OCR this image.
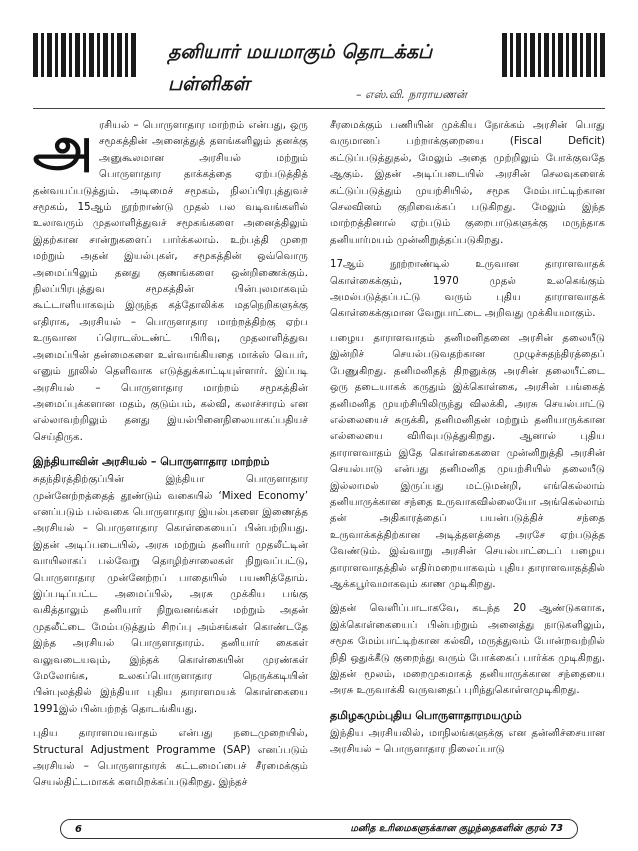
தனியார் மயமாகும் தொடக்கப்
பள்ளிகள்	– எஸ்.வி. நாராயணன்

அரசியல் – பொருளாதார மாற்றம் என்பது, ஒரு சமூகத்தின் அனைத்துத் தளங்களிலும் தனக்கு அனுகூலமான அரசியல் மற்றும் பொருளாதார தாக்கத்தை ஏற்படுத்தித் தன்வயப்படுத்தும். அடிமைச் சமூகம், நிலப்பிரபுத்துவச் சமூகம், 15ஆம் நூற்றாண்டு முதல் பல வடிவங்களில் உலாவரும் முதலாளித்துவச் சமூகங்களை அனைத்திலும் இதற்கான சான்றுகளைப் பார்க்கலாம். உற்பத்தி முறை மற்றும் அதன் இயல்புகள், சமூகத்தின் ஒவ்வொரு அமைப்பிலும் தனது குணங்களை ஒன்றிணைக்கும். நிலப்பிரபுத்துவ சமூகத்தின் பின்புலமாகவும் கூட்டாளியாகவும் இருந்த கத்தோலிக்க மதநெறிகளுக்கு எதிராக, அரசியல் – பொருளாதார மாற்றத்திற்கு ஏற்ப உருவான ப்ரொடஸ்டண்ட் பிரிவு, முதலாளித்துவ அமைப்பின் தன்மைகளை உள்வாங்கியதை மாக்ஸ் வெபர், எனும் நூலில் தெளிவாக எடுத்துக்காட்டியுள்ளார். இப்படி அரசியல் – பொருளாதார மாற்றம் சமூகத்தின் அமைப்புக்களான மதம், குடும்பம், கல்வி, கலாச்சாரம் என எல்லாவற்றிலும் தனது இயல்பினைநிலையாகப்பதியச் செய்திருக.

இந்தியாவின் அரசியல் – பொருளாதார மாற்றம்

சுதந்திரத்திற்குப்பின் இந்தியா பொருளாதார முன்னேற்றத்தைத் தூண்டும் வகையில் ‘Mixed Economy’ எனப்படும் பல்வகை பொருளாதார இயல்புகளை இணைத்த அரசியல் – பொருளாதார கொள்கையைப் பின்பற்றியது. இதன் அடிப்படையில், அரசு மற்றும் தனியார் முதலீட்டின் வாயிலாகப் பல்வேறு தொழிற்சாலைகள் நிறுவப்பட்டு, பொருளாதார முன்னேற்றப் பாதையில் பயணித்தோம். இப்படிப்பட்ட அமைப்பில், அரசு முக்கிய பங்கு வகித்தாலும் தனியார் நிறுவனங்கள் மற்றும் அதன் முதலீட்டை மேம்படுத்தும் சிறப்பு அம்சங்கள் கொண்டதே இந்த அரசியல் பொருளாதாரம். தனியார் கைகள் வலுவடையவும், இந்தக் கொள்கையின் முரண்கள் மேலோங்க, உலகப்பொருளாதார நெருக்கடியின் பின்புலத்தில் இந்தியா புதிய தாராளமயக் கொள்கையை 1991இல் பின்பற்றத் தொடங்கியது.

புதிய தாராளமயவாதம் என்பது நடைமுறையில், Structural Adjustment Programme (SAP) எனப்படும் அரசியல் – பொருளாதாரக் கட்டமைப்பைச் சீரமைக்கும் செயல்திட்டமாகக் களமிறக்கப்படுகிறது. இந்தச்

சீரமைக்கும் பணியின் முக்கிய நோக்கம் அரசின் பொது வருமானப் பற்றாக்குறையை (Fiscal Deficit) கட்டுப்படுத்துதல், மேலும் அதை முற்றிலும் போக்குவதே ஆகும். இதன் அடிப்படையில் அரசின் செலவுகளைக் கட்டுப்படுத்தும் முயற்சியில், சமூக மேம்பாட்டிற்கான செலவினம் குறிவைக்கப் படுகிறது. மேலும் இந்த மாற்றத்தினால் ஏற்படும் குறைபாடுகளுக்கு மருந்தாக தனியார்மயம் முன்னிறுத்தப்படுகிறது.

17ஆம் நூற்றாண்டில் உருவான தாராளவாதக் கொள்கைக்கும், 1970 முதல் உலகெங்கும் அமல்படுத்தப்பட்டு வரும் புதிய தாராளவாதக் கொள்கைக்குமான வேறுபாட்டை அறிவது முக்கியமாகும்.

பழைய தாராளவாதம் தனிமனிதனை அரசின் தலையீடு இன்றிச் செயல்படுவதற்கான முழுச்சுதந்திரத்தைப் பேணுகிறது. தனிமனிதத் திறனுக்கு அரசின் தலையீட்டை ஒரு தடையாகக் கருதும் இக்கொள்கை, அரசின் பங்கைத் தனிமனித முயற்சியிலிருந்து விலக்கி, அரசு செயல்பாட்டு எல்லையைச் சுருக்கி, தனிமனிதன் மற்றும் தனியாருக்கான எல்லையை விரிவுபடுத்துகிறது. ஆனால் புதிய தாராளவாதம் இதே கொள்கைகளை முன்னிறுத்தி அரசின் செயல்பாடு என்பது தனிமனித முயற்சியில் தலையீடு இல்லாமல் இருப்பது மட்டுமன்றி, எங்கெல்லாம் தனியாருக்கான சந்தை உருவாகவில்லையோ அங்கெல்லாம் தன் அதிகாரத்தைப் பயன்படுத்திச் சந்தை உருவாக்கத்திற்கான அடித்தளத்தை அரசே ஏற்படுத்த வேண்டும். இவ்வாறு அரசின் செயல்பாட்டைப் பழைய தாராளவாதத்தில் எதிர்மறையாகவும் புதிய தாராளவாதத்தில் ஆக்கபூர்வமாகவும் காண முடிகிறது.

இதன் வெளிப்பாடாகவே, கடந்த 20 ஆண்டுகளாக, இக்கொள்கையைப் பின்பற்றும் அனைத்து நாடுகளிலும், சமூக மேம்பாட்டிற்கான கல்வி, மருத்துவம் போன்றவற்றில் நிதி ஒதுக்கீடு குறைந்து வரும் போக்கைப் பார்க்க முடிகிறது. இதன் மூலம், மறைமுகமாகத் தனியாருக்கான சந்தையை அரசு உருவாக்கி வருவதைப் புரிந்துகொள்ளமுடிகிறது.

தமிழகமும்புதிய பொருளாதாரமயமும்

இந்திய அரசியலில், மாநிலங்களுக்கு என தன்னிச்சையான அரசியல் – பொருளாதார நிலைப்பாடு

6	மனித உரிமைகளுக்கான குழந்தைகளின் குரல் 73
